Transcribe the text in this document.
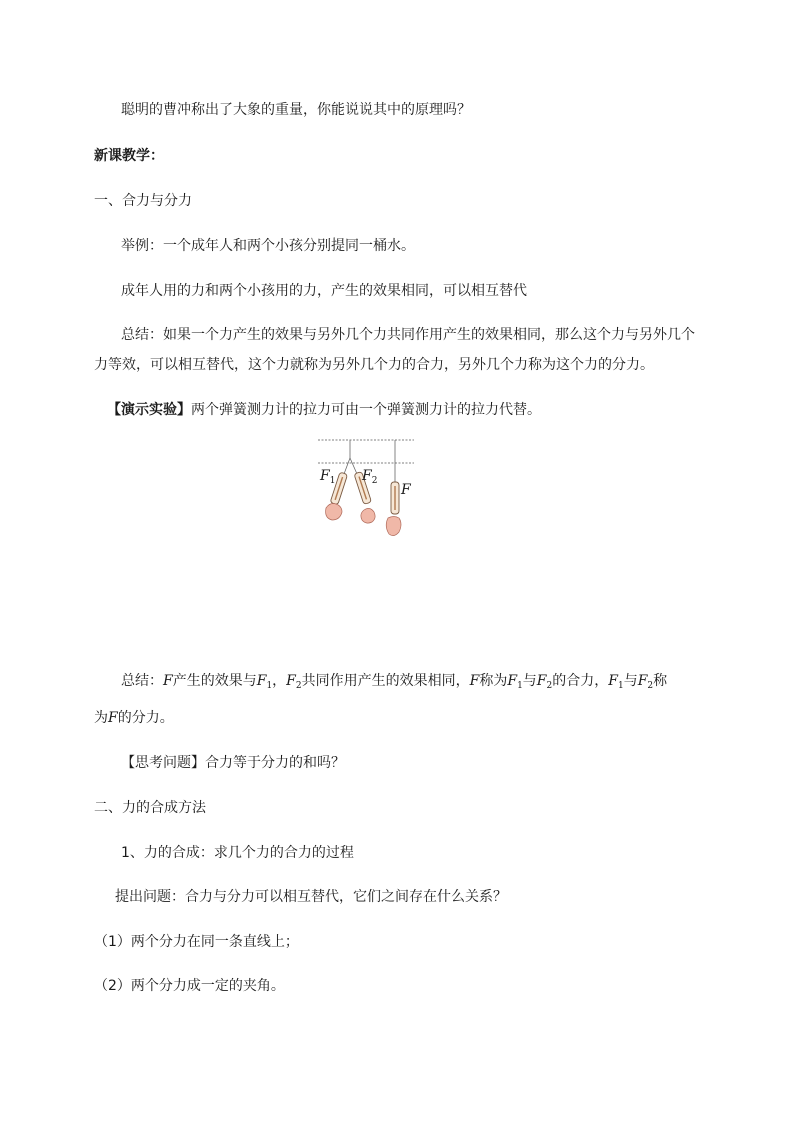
聪明的曹冲称出了大象的重量，你能说说其中的原理吗？
新课教学：
一、合力与分力
举例：一个成年人和两个小孩分别提同一桶水。
成年人用的力和两个小孩用的力，产生的效果相同，可以相互替代
总结：如果一个力产生的效果与另外几个力共同作用产生的效果相同，那么这个力与另外几个
力等效，可以相互替代，这个力就称为另外几个力的合力，另外几个力称为这个力的分力。
【演示实验】两个弹簧测力计的拉力可由一个弹簧测力计的拉力代替。
$F_1$ $F_2$
F
总结：F产生的效果与$F_1$，$F_2$共同作用产生的效果相同，F称为$F_1$与$F_2$的合力，$F_1$与$F_2$称
为F的分力。
【思考问题】合力等于分力的和吗？
二、力的合成方法
1、力的合成：求几个力的合力的过程
提出问题：合力与分力可以相互替代，它们之间存在什么关系？
（1）两个分力在同一条直线上；
（2）两个分力成一定的夹角。
